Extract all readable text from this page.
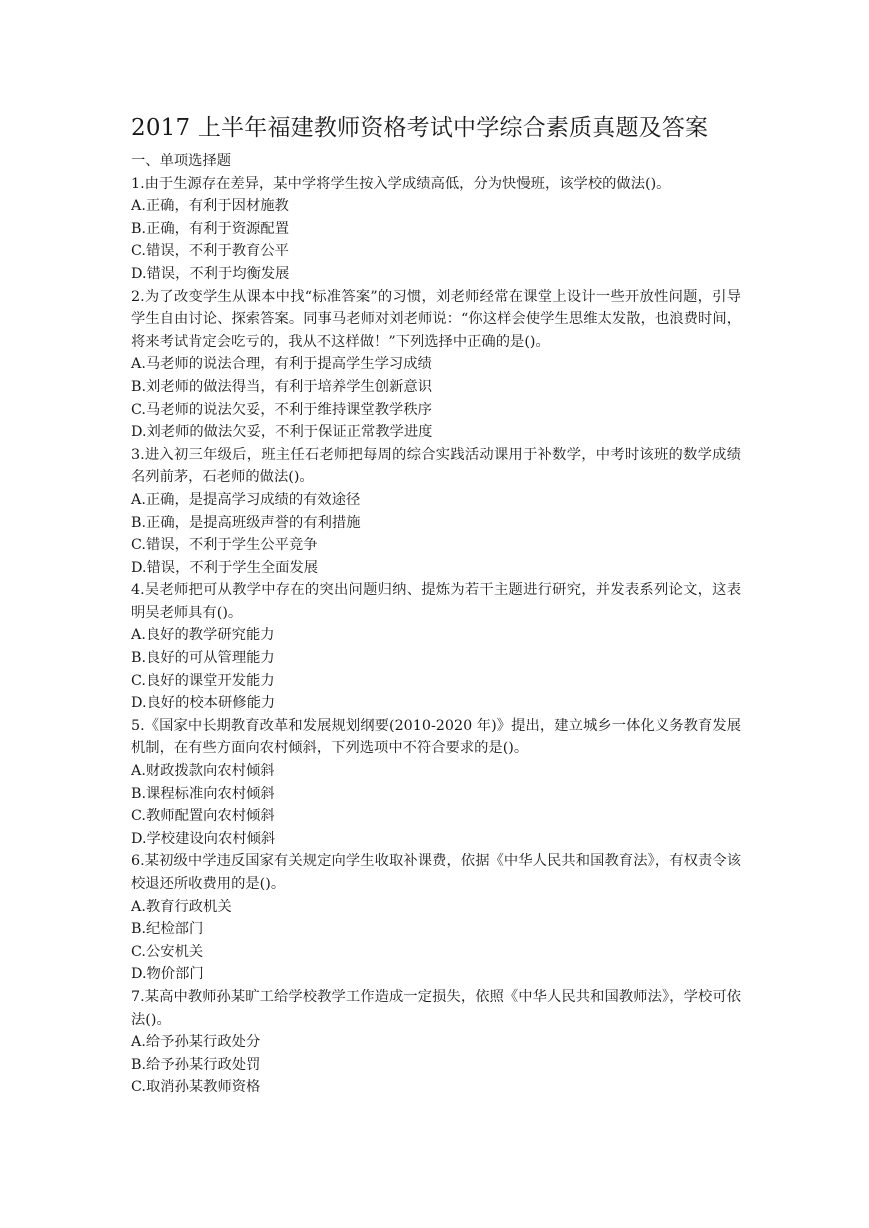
2017 上半年福建教师资格考试中学综合素质真题及答案

一、单项选择题

1.由于生源存在差异，某中学将学生按入学成绩高低，分为快慢班，该学校的做法()。

A.正确，有利于因材施教

B.正确，有利于资源配置

C.错误，不利于教育公平

D.错误，不利于均衡发展

2.为了改变学生从课本中找“标准答案”的习惯，刘老师经常在课堂上设计一些开放性问题，引导学生自由讨论、探索答案。同事马老师对刘老师说：“你这样会使学生思维太发散，也浪费时间，将来考试肯定会吃亏的，我从不这样做！”下列选择中正确的是()。

A.马老师的说法合理，有利于提高学生学习成绩

B.刘老师的做法得当，有利于培养学生创新意识

C.马老师的说法欠妥，不利于维持课堂教学秩序

D.刘老师的做法欠妥，不利于保证正常教学进度

3.进入初三年级后，班主任石老师把每周的综合实践活动课用于补数学，中考时该班的数学成绩名列前茅，石老师的做法()。

A.正确，是提高学习成绩的有效途径

B.正确，是提高班级声誉的有利措施

C.错误，不利于学生公平竞争

D.错误，不利于学生全面发展

4.吴老师把可从教学中存在的突出问题归纳、提炼为若干主题进行研究，并发表系列论文，这表明吴老师具有()。

A.良好的教学研究能力

B.良好的可从管理能力

C.良好的课堂开发能力

D.良好的校本研修能力

5.《国家中长期教育改革和发展规划纲要(2010-2020 年)》提出，建立城乡一体化义务教育发展机制，在有些方面向农村倾斜，下列选项中不符合要求的是()。

A.财政拨款向农村倾斜

B.课程标准向农村倾斜

C.教师配置向农村倾斜

D.学校建设向农村倾斜

6.某初级中学违反国家有关规定向学生收取补课费，依据《中华人民共和国教育法》，有权责令该校退还所收费用的是()。

A.教育行政机关

B.纪检部门

C.公安机关

D.物价部门

7.某高中教师孙某旷工给学校教学工作造成一定损失，依照《中华人民共和国教师法》，学校可依法()。

A.给予孙某行政处分

B.给予孙某行政处罚

C.取消孙某教师资格
